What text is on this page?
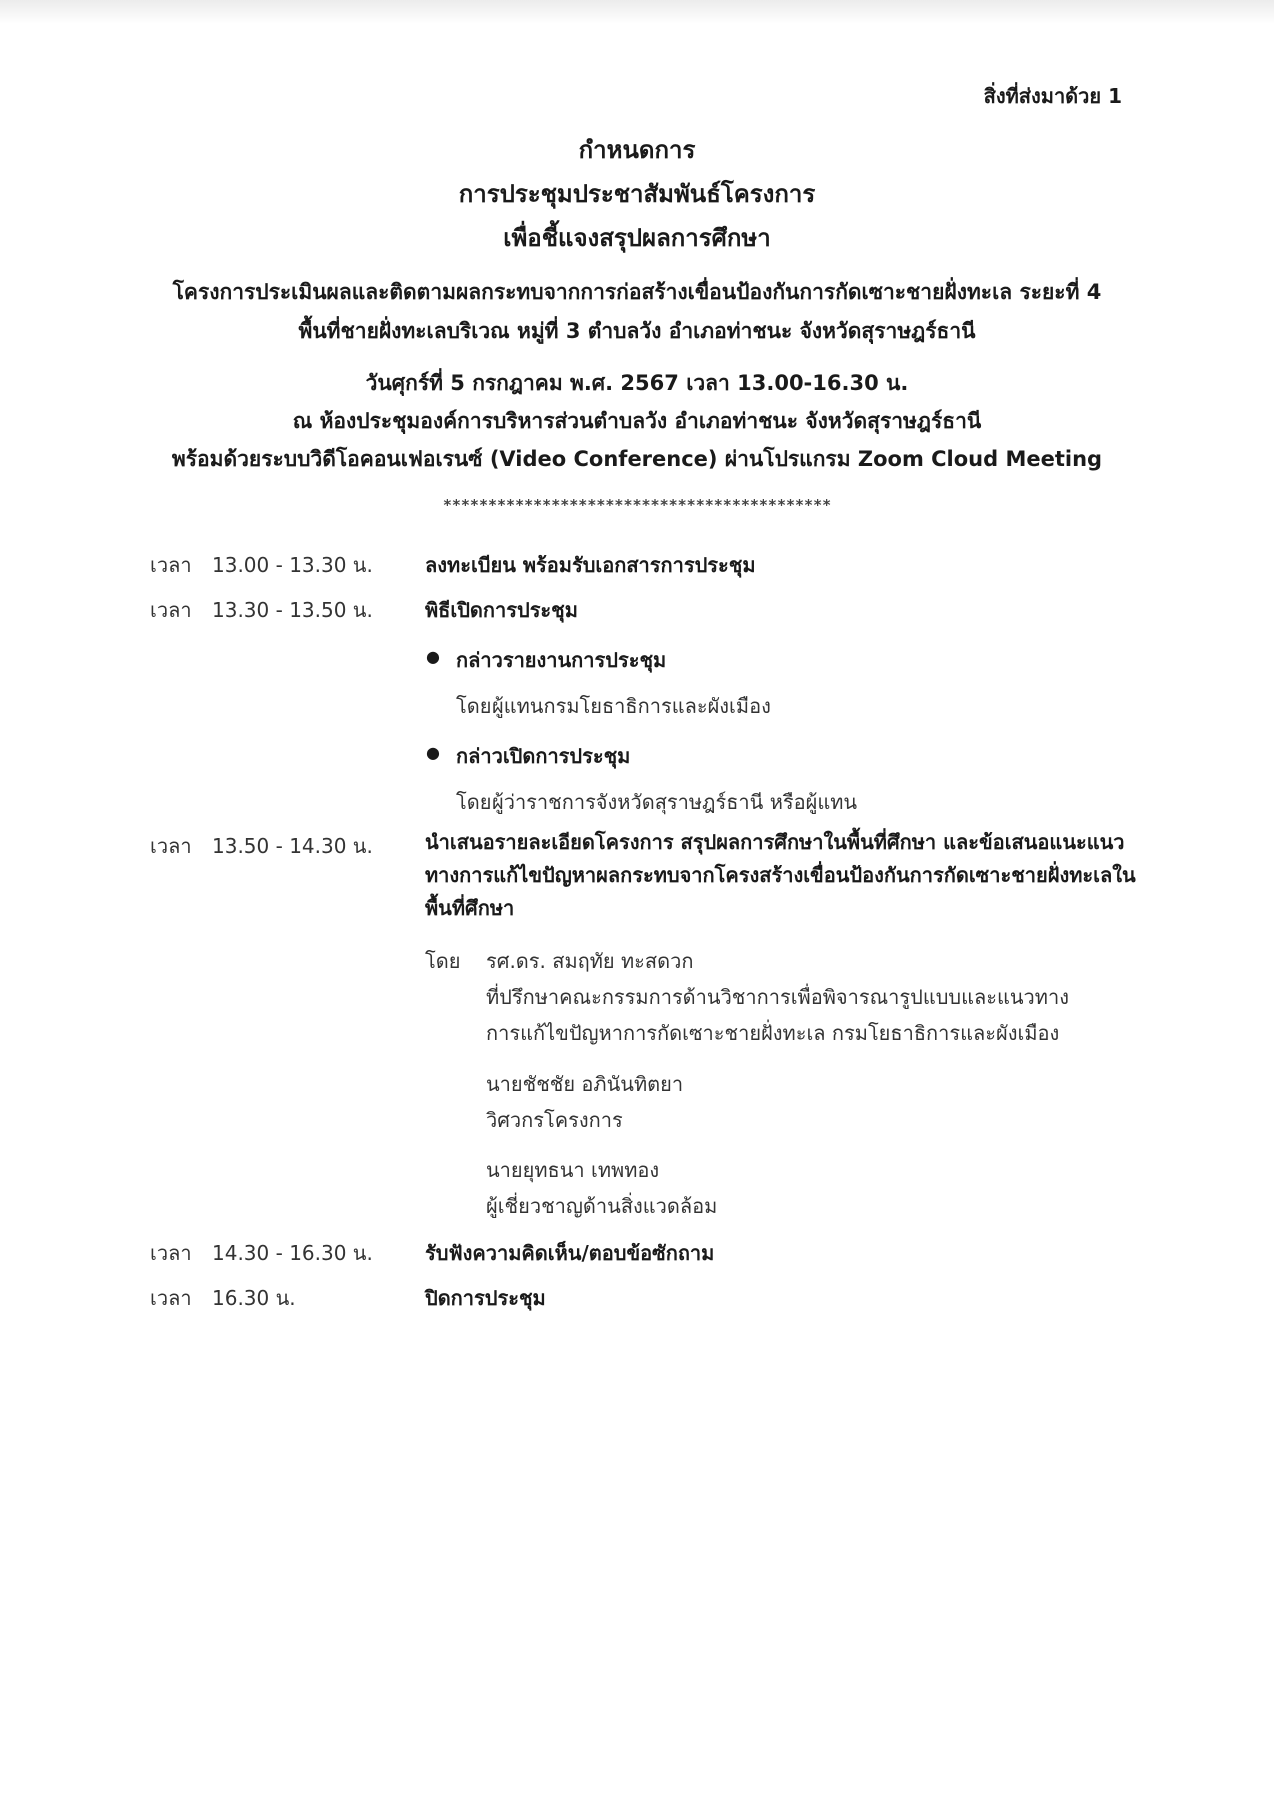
สิ่งที่ส่งมาด้วย 1
กำหนดการ
การประชุมประชาสัมพันธ์โครงการ
เพื่อชี้แจงสรุปผลการศึกษา
โครงการประเมินผลและติดตามผลกระทบจากการก่อสร้างเขื่อนป้องกันการกัดเซาะชายฝั่งทะเล ระยะที่ 4
พื้นที่ชายฝั่งทะเลบริเวณ หมู่ที่ 3 ตำบลวัง อำเภอท่าชนะ จังหวัดสุราษฎร์ธานี
วันศุกร์ที่ 5 กรกฎาคม พ.ศ. 2567 เวลา 13.00-16.30 น.
ณ ห้องประชุมองค์การบริหารส่วนตำบลวัง อำเภอท่าชนะ จังหวัดสุราษฎร์ธานี
พร้อมด้วยระบบวิดีโอคอนเฟอเรนซ์ (Video Conference) ผ่านโปรแกรม Zoom Cloud Meeting
*******************************************
เวลา 13.00 - 13.30 น.	ลงทะเบียน พร้อมรับเอกสารการประชุม
เวลา 13.30 - 13.50 น.	พิธีเปิดการประชุม
● กล่าวรายงานการประชุม
โดย ผู้แทนกรมโยธาธิการและผังเมือง
● กล่าวเปิดการประชุม
โดย ผู้ว่าราชการจังหวัดสุราษฎร์ธานี หรือผู้แทน
เวลา 13.50 - 14.30 น.	นำเสนอรายละเอียดโครงการ สรุปผลการศึกษาในพื้นที่ศึกษา และข้อเสนอแนะแนวทางการแก้ไขปัญหาผลกระทบจากโครงสร้างเขื่อนป้องกันการกัดเซาะชายฝั่งทะเลในพื้นที่ศึกษา
โดย รศ.ดร. สมฤทัย ทะสดวก
ที่ปรึกษาคณะกรรมการด้านวิชาการเพื่อพิจารณารูปแบบและแนวทาง
การแก้ไขปัญหาการกัดเซาะชายฝั่งทะเล กรมโยธาธิการและผังเมือง
นายชัชชัย อภินันทิตยา
วิศวกรโครงการ
นายยุทธนา เทพทอง
ผู้เชี่ยวชาญด้านสิ่งแวดล้อม
เวลา 14.30 - 16.30 น.	รับฟังความคิดเห็น/ตอบข้อซักถาม
เวลา 16.30 น.	ปิดการประชุม
